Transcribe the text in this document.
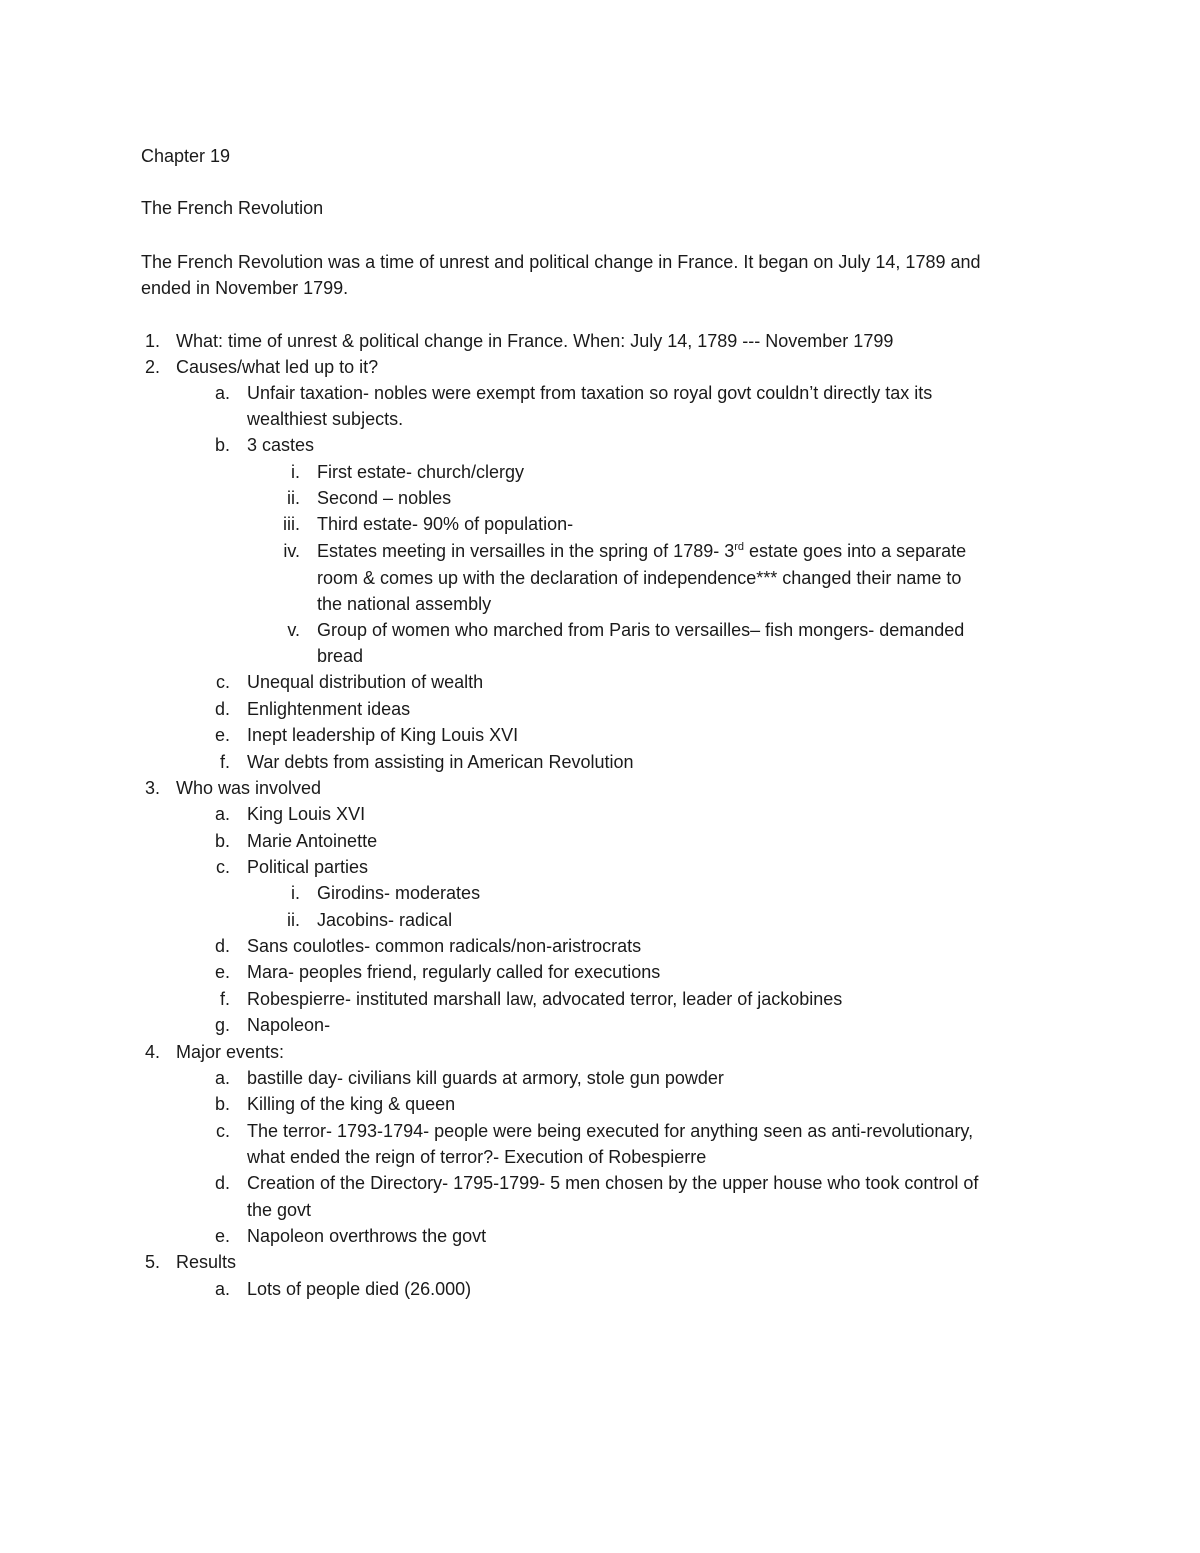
Chapter 19
The French Revolution
The French Revolution was a time of unrest and political change in France. It began on July 14, 1789 and
ended in November 1799.
1. What: time of unrest & political change in France. When: July 14, 1789 --- November 1799
2. Causes/what led up to it?
a. Unfair taxation- nobles were exempt from taxation so royal govt couldn’t directly tax its
wealthiest subjects.
b. 3 castes
i. First estate- church/clergy
ii. Second – nobles
iii. Third estate- 90% of population-
iv. Estates meeting in versailles in the spring of 1789- 3rd estate goes into a separate
room & comes up with the declaration of independence*** changed their name to
the national assembly
v. Group of women who marched from Paris to versailles– fish mongers- demanded
bread
c. Unequal distribution of wealth
d. Enlightenment ideas
e. Inept leadership of King Louis XVI
f. War debts from assisting in American Revolution
3. Who was involved
a. King Louis XVI
b. Marie Antoinette
c. Political parties
i. Girodins- moderates
ii. Jacobins- radical
d. Sans coulotles- common radicals/non-aristrocrats
e. Mara- peoples friend, regularly called for executions
f. Robespierre- instituted marshall law, advocated terror, leader of jackobines
g. Napoleon-
4. Major events:
a. bastille day- civilians kill guards at armory, stole gun powder
b. Killing of the king & queen
c. The terror- 1793-1794- people were being executed for anything seen as anti-revolutionary,
what ended the reign of terror?- Execution of Robespierre
d. Creation of the Directory- 1795-1799- 5 men chosen by the upper house who took control of
the govt
e. Napoleon overthrows the govt
5. Results
a. Lots of people died (26.000)
